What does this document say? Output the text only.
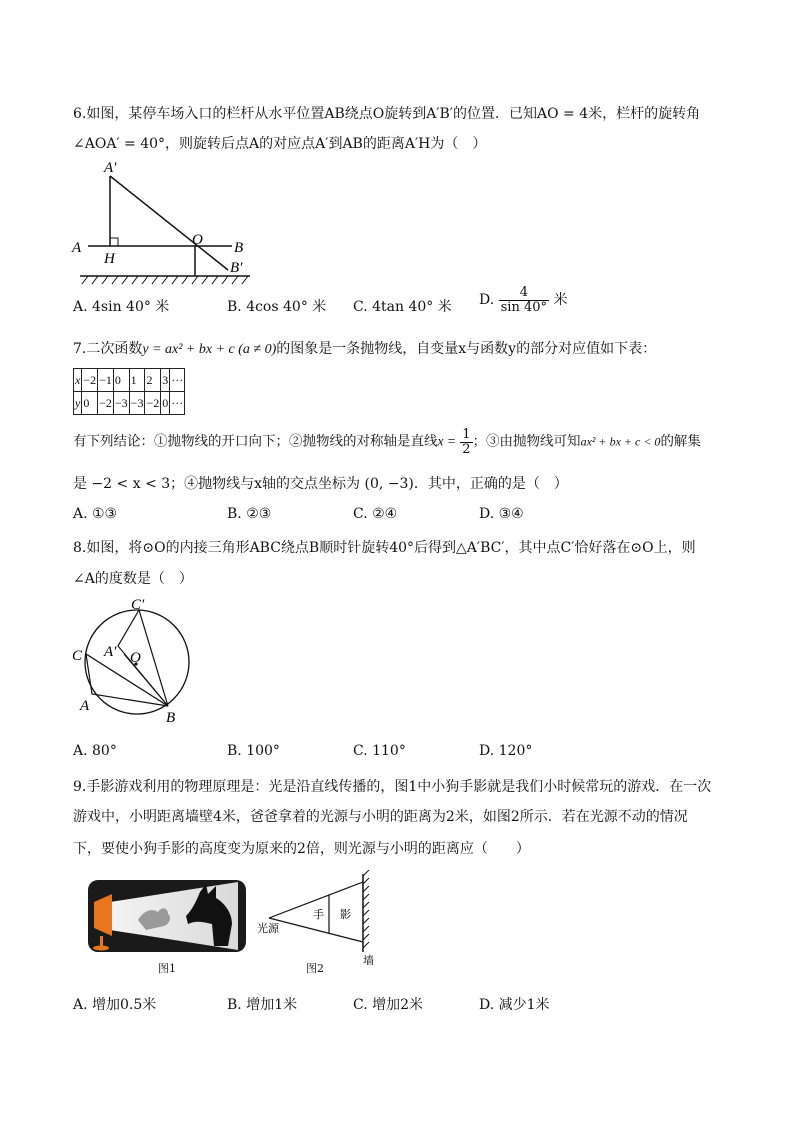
6.如图，某停车场入口的栏杆从水平位置AB绕点O旋转到A′B′的位置．已知AO = 4米，栏杆的旋转角
∠AOA′ = 40°，则旋转后点A的对应点A′到AB的距离A′H为（　）
A′
A
H
O B
B′
A. 4sin 40° 米	B. 4cos 40° 米 C. 4tan 40° 米 D. $\frac{4}{\sin 40^\circ}$ 米
7.二次函数y = ax² + bx + c (a ≠ 0)的图象是一条抛物线，自变量x与函数y的部分对应值如下表：
x	−2	−1	0	1	2	3	···
y	0	−2	−3	−3	−2	0	···
有下列结论：①抛物线的开口向下；②抛物线的对称轴是直线$x = \frac{1}{2}$ ；③由抛物线可知ax² + bx + c < 0的解集
是 −2 < x < 3；④抛物线与x轴的交点坐标为 (0, −3)．其中，正确的是（　）
A. ①③	B. ②③	C. ②④	D. ③④
8.如图，将⊙O的内接三角形ABC绕点B顺时针旋转40°后得到△A′BC′，其中点C′恰好落在⊙O上，则
∠A的度数是（　）
C′
A′ O
C
A
B
A. 80°	B. 100°	C. 110°	D. 120°
9.手影游戏利用的物理原理是：光是沿直线传播的，图1中小狗手影就是我们小时候常玩的游戏．在一次
游戏中，小明距离墙壁4米，爸爸拿着的光源与小明的距离为2米，如图2所示．若在光源不动的情况
下，要使小狗手影的高度变为原来的2倍，则光源与小明的距离应（　　）
图1
手 影
光源
墙
图2
A. 增加0.5米	B. 增加1米	C. 增加2米	D. 减少1米
